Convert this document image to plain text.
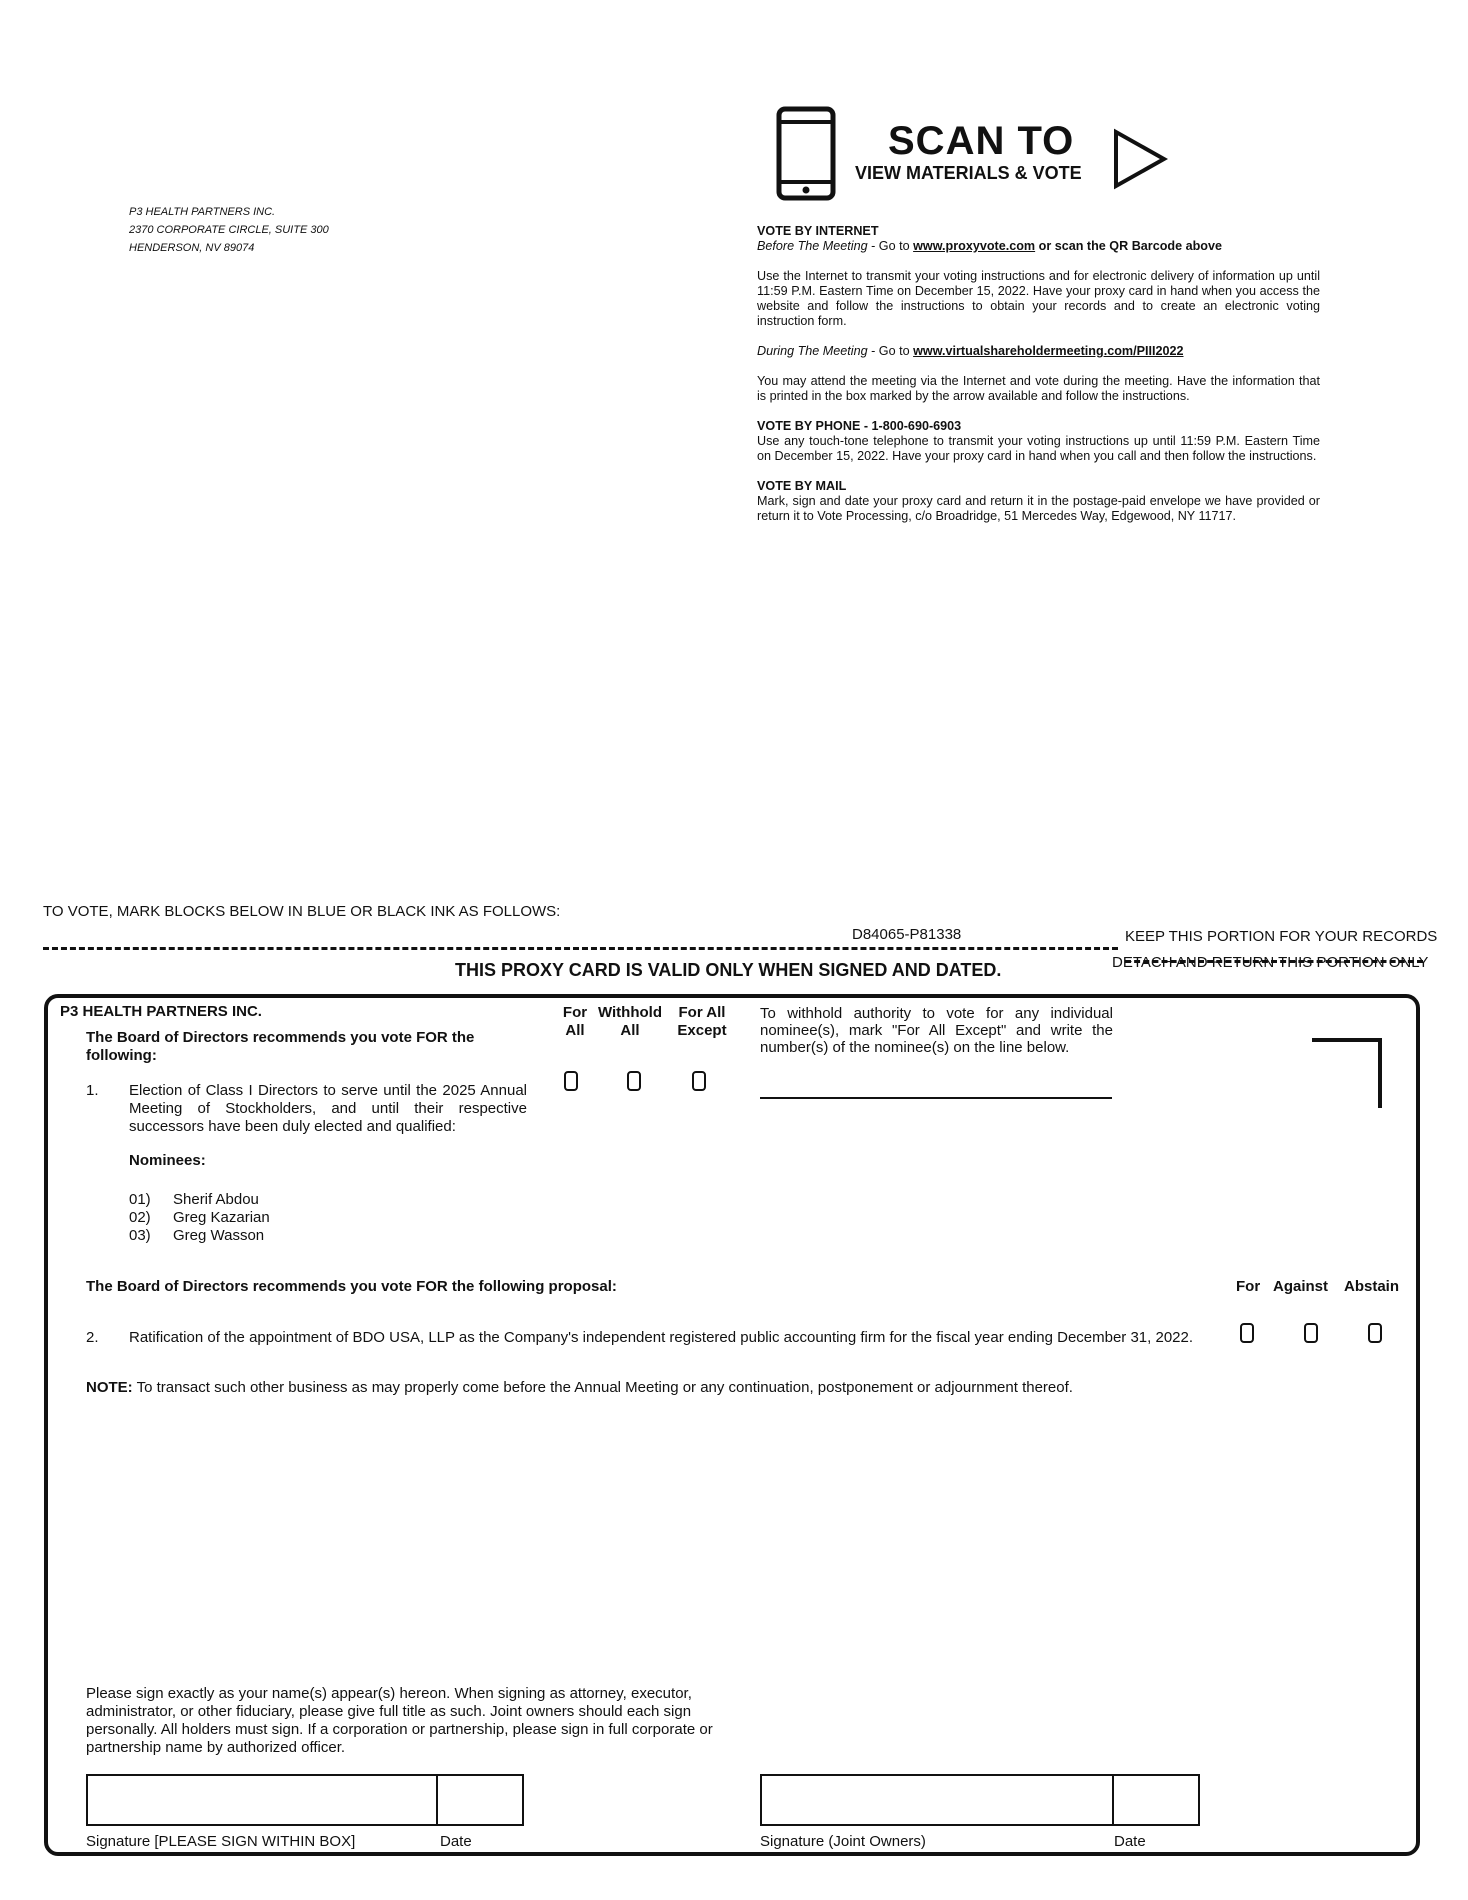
P3 HEALTH PARTNERS INC.
2370 CORPORATE CIRCLE, SUITE 300
HENDERSON, NV 89074
SCAN TO
VIEW MATERIALS & VOTE

VOTE BY INTERNET

Before The Meeting - Go to www.proxyvote.com or scan the QR Barcode above

Use the Internet to transmit your voting instructions and for electronic delivery of information up until 11:59 P.M. Eastern Time on December 15, 2022. Have your proxy card in hand when you access the website and follow the instructions to obtain your records and to create an electronic voting instruction form.

During The Meeting - Go to www.virtualshareholdermeeting.com/PIII2022

You may attend the meeting via the Internet and vote during the meeting. Have the information that is printed in the box marked by the arrow available and follow the instructions.

VOTE BY PHONE - 1-800-690-6903

Use any touch-tone telephone to transmit your voting instructions up until 11:59 P.M. Eastern Time on December 15, 2022. Have your proxy card in hand when you call and then follow the instructions.

VOTE BY MAIL

Mark, sign and date your proxy card and return it in the postage-paid envelope we have provided or return it to Vote Processing, c/o Broadridge, 51 Mercedes Way, Edgewood, NY 11717.

TO VOTE, MARK BLOCKS BELOW IN BLUE OR BLACK INK AS FOLLOWS:
D84065-P81338	KEEP THIS PORTION FOR YOUR RECORDS
DETACH AND RETURN THIS PORTION ONLY
THIS PROXY CARD IS VALID ONLY WHEN SIGNED AND DATED.
P3 HEALTH PARTNERS INC.
The Board of Directors recommends you vote FOR the following:
For All
Withhold All
For All Except
1. Election of Class I Directors to serve until the 2025 Annual Meeting of Stockholders, and until their respective successors have been duly elected and qualified:
Nominees:
01) Sherif Abdou
02) Greg Kazarian
03) Greg Wasson
To withhold authority to vote for any individual nominee(s), mark "For All Except" and write the number(s) of the nominee(s) on the line below.
The Board of Directors recommends you vote FOR the following proposal:	For Against Abstain
2. Ratification of the appointment of BDO USA, LLP as the Company's independent registered public accounting firm for the fiscal year ending December 31, 2022.
NOTE: To transact such other business as may properly come before the Annual Meeting or any continuation, postponement or adjournment thereof.
Please sign exactly as your name(s) appear(s) hereon. When signing as attorney, executor, administrator, or other fiduciary, please give full title as such. Joint owners should each sign personally. All holders must sign. If a corporation or partnership, please sign in full corporate or partnership name by authorized officer.
Signature [PLEASE SIGN WITHIN BOX]	Date	Signature (Joint Owners)	Date
